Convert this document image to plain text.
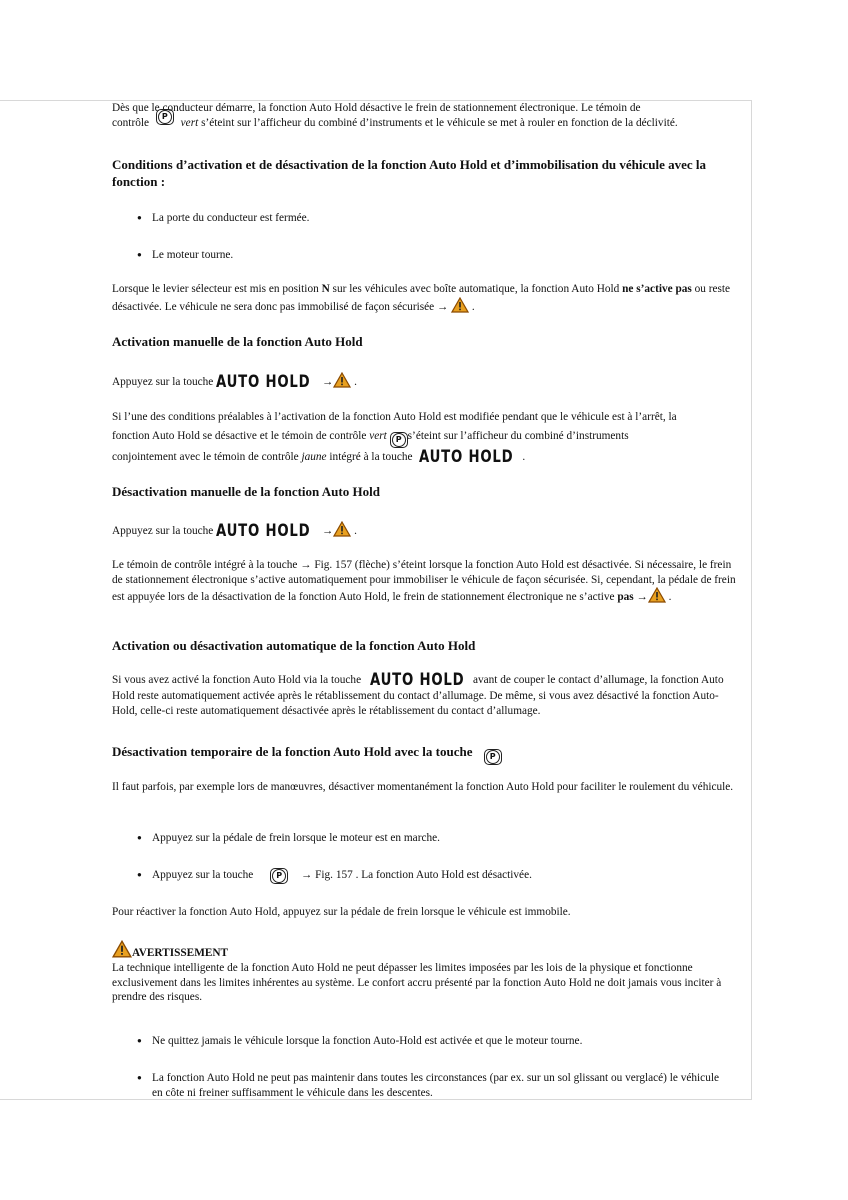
Dès que le conducteur démarre, la fonction Auto Hold désactive le frein de stationnement électronique. Le témoin de
contrôle
P
vert s’éteint sur l’afficheur du combiné d’instruments et le véhicule se met à rouler en fonction de la déclivité.
Conditions d’activation et de désactivation de la fonction Auto Hold et d’immobilisation du véhicule avec la fonction :
● La porte du conducteur est fermée.
● Le moteur tourne.
Lorsque le levier sélecteur est mis en position N sur les véhicules avec boîte automatique, la fonction Auto Hold ne s’active pas ou reste désactivée. Le véhicule ne sera donc pas immobilisé de façon sécurisée →  .
Activation manuelle de la fonction Auto Hold
Appuyez sur la touche AUTO HOLD → .
Si l’une des conditions préalables à l’activation de la fonction Auto Hold est modifiée pendant que le véhicule est à l’arrêt, la
fonction Auto Hold se désactive et le témoin de contrôle vert	P s’éteint sur l’afficheur du combiné d’instruments
conjointement avec le témoin de contrôle jaune intégré à la touche AUTO HOLD .
Désactivation manuelle de la fonction Auto Hold
Appuyez sur la touche AUTO HOLD → .
Le témoin de contrôle intégré à la touche → Fig. 157 (flèche) s’éteint lorsque la fonction Auto Hold est désactivée. Si nécessaire, le frein de stationnement électronique s’active automatiquement pour immobiliser le véhicule de façon sécurisée. Si, cependant, la pédale de frein est appuyée lors de la désactivation de la fonction Auto Hold, le frein de stationnement électronique ne s’active pas → .
Activation ou désactivation automatique de la fonction Auto Hold
Si vous avez activé la fonction Auto Hold via la touche AUTO HOLD avant de couper le contact d’allumage, la fonction Auto Hold reste automatiquement activée après le rétablissement du contact d’allumage. De même, si vous avez désactivé la fonction Auto-Hold, celle-ci reste automatiquement désactivée après le rétablissement du contact d’allumage.
Désactivation temporaire de la fonction Auto Hold avec la touche	P
Il faut parfois, par exemple lors de manœuvres, désactiver momentanément la fonction Auto Hold pour faciliter le roulement du véhicule.
● Appuyez sur la pédale de frein lorsque le moteur est en marche.
● Appuyez sur la touche	P	→ Fig. 157 . La fonction Auto Hold est désactivée.
Pour réactiver la fonction Auto Hold, appuyez sur la pédale de frein lorsque le véhicule est immobile.
AVERTISSEMENT
La technique intelligente de la fonction Auto Hold ne peut dépasser les limites imposées par les lois de la physique et fonctionne exclusivement dans les limites inhérentes au système. Le confort accru présenté par la fonction Auto Hold ne doit jamais vous inciter à prendre des risques.
● Ne quittez jamais le véhicule lorsque la fonction Auto-Hold est activée et que le moteur tourne.
● La fonction Auto Hold ne peut pas maintenir dans toutes les circonstances (par ex. sur un sol glissant ou verglacé) le véhicule en côte ni freiner suffisamment le véhicule dans les descentes.
